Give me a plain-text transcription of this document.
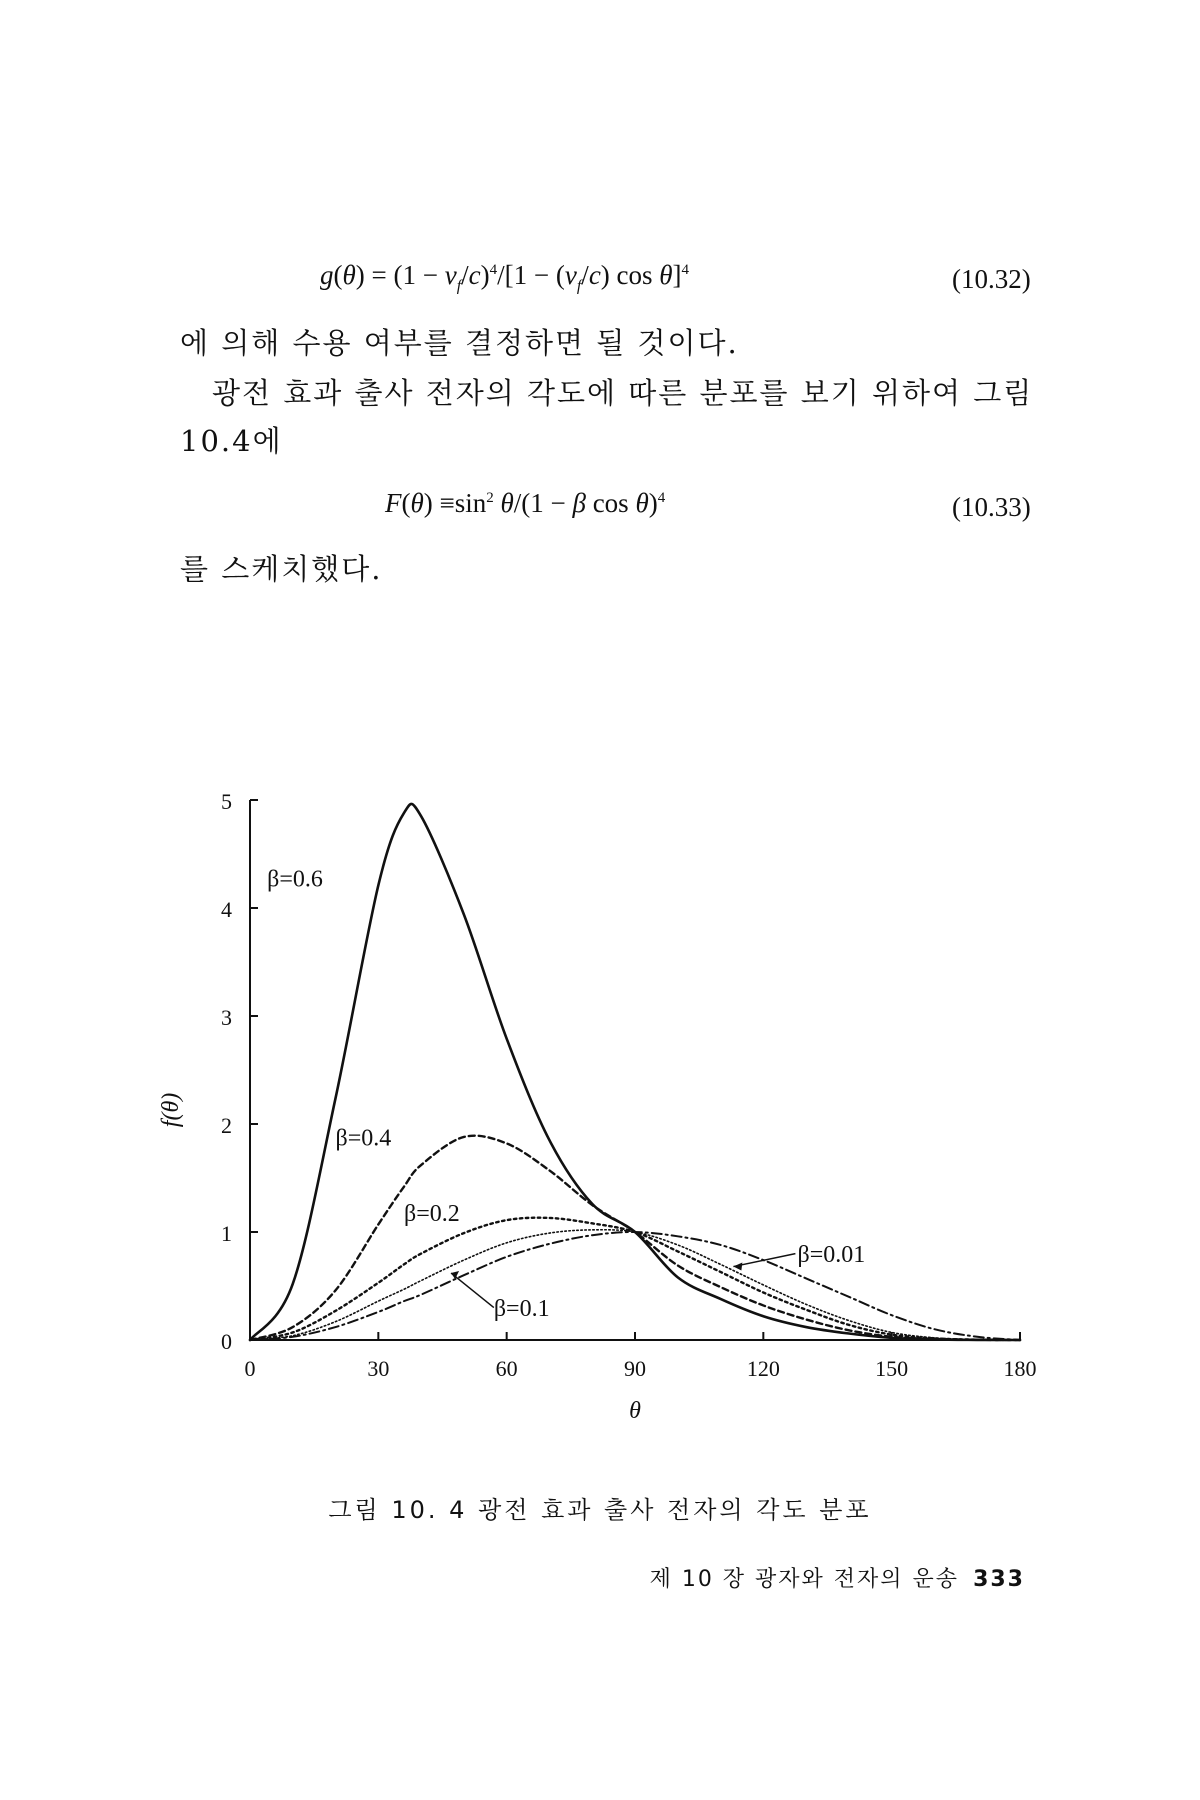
$g(\theta) = (1 - v_f/c)^4/[1 - (v_f/c)$ cos θ]$^4$	(10.32)
에 의해 수용 여부를 결정하면 될 것이다.
광전 효과 출사 전자의 각도에 따른 분포를 보기 위하여 그림
10.4에
$F(\theta) \equiv\sin^2$ θ/(1 − β cos θ)$^4$	(10.33)
를 스케치했다.
0
1
2
3
4
5
0	30	60	90	120	150	180
θ
f(θ)
β=0.6
β=0.4
β=0.2
β=0.1
β=0.01
그림 10. 4 광전 효과 출사 전자의 각도 분포
제 10 장 광자와 전자의 운송 333
